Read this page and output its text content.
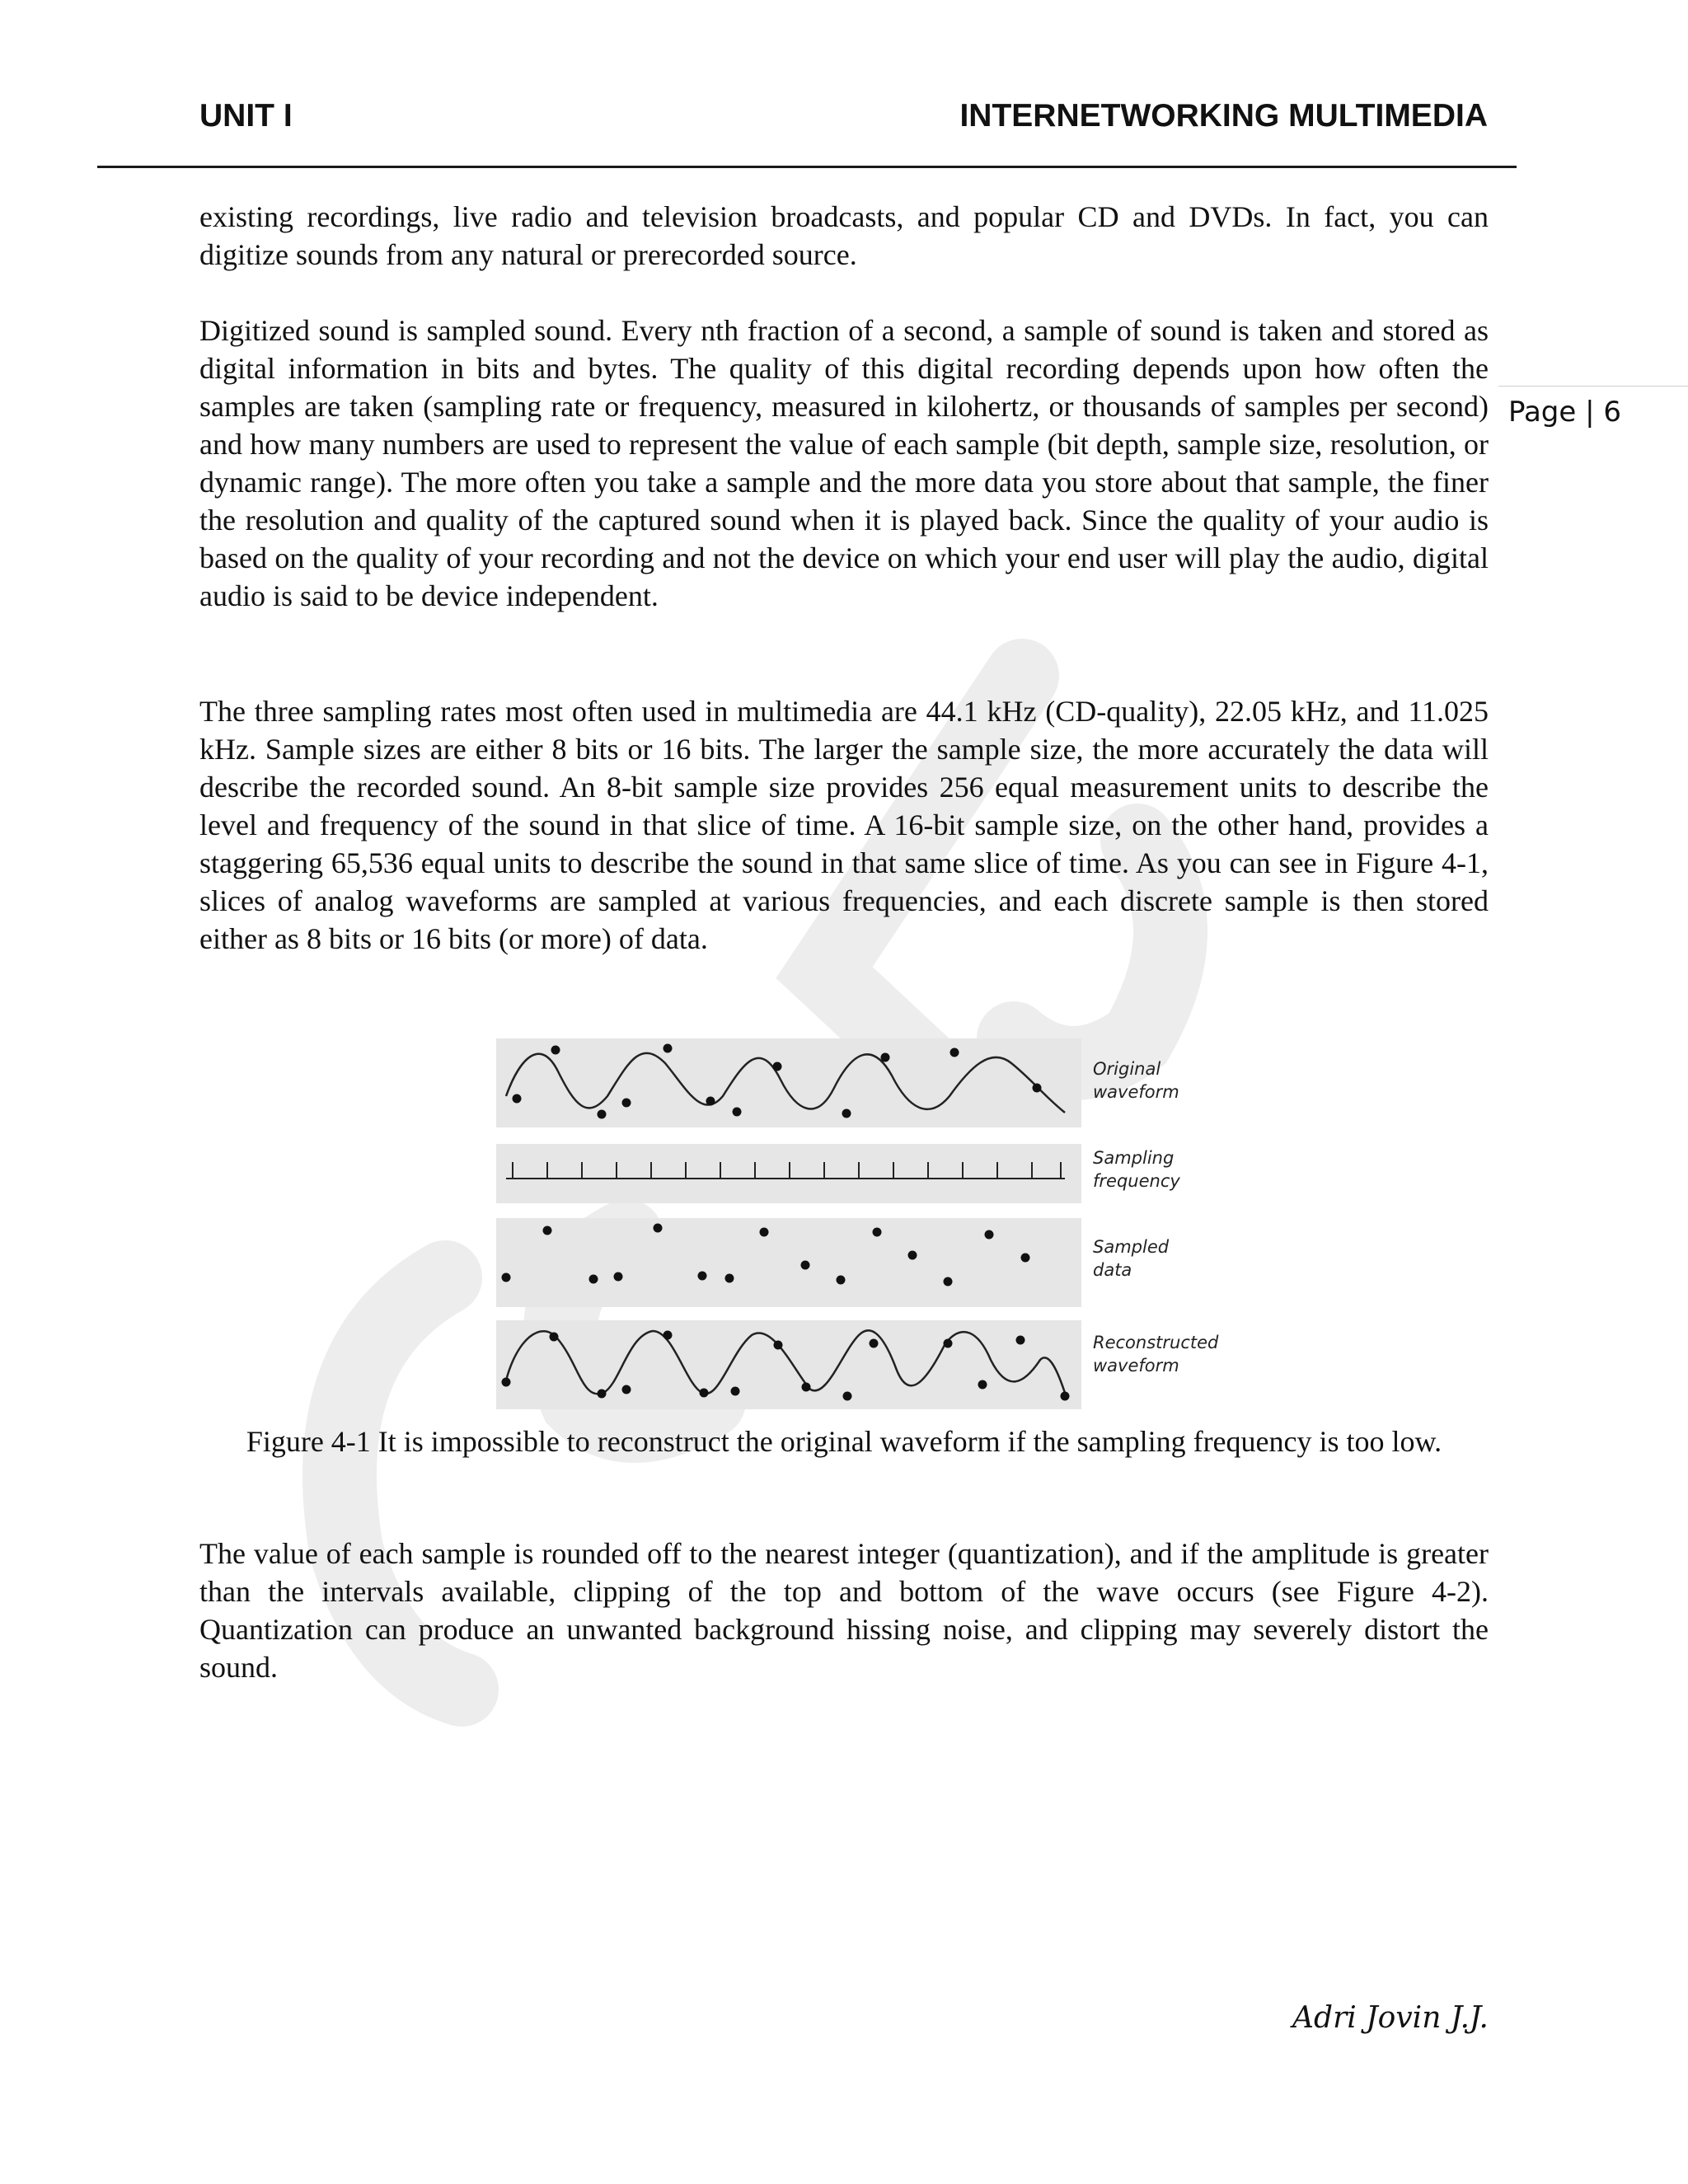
UNIT I	INTERNETWORKING MULTIMEDIA
Page | 6

existing recordings, live radio and television broadcasts, and popular CD and DVDs. In fact, you can digitize sounds from any natural or prerecorded source.

Digitized sound is sampled sound. Every nth fraction of a second, a sample of sound is taken and stored as digital information in bits and bytes. The quality of this digital recording depends upon how often the samples are taken (sampling rate or frequency, measured in kilohertz, or thousands of samples per second) and how many numbers are used to represent the value of each sample (bit depth, sample size, resolution, or dynamic range). The more often you take a sample and the more data you store about that sample, the finer the resolution and quality of the captured sound when it is played back. Since the quality of your audio is based on the quality of your recording and not the device on which your end user will play the audio, digital audio is said to be device independent.

The three sampling rates most often used in multimedia are 44.1 kHz (CD-quality), 22.05 kHz, and 11.025 kHz. Sample sizes are either 8 bits or 16 bits. The larger the sample size, the more accurately the data will describe the recorded sound. An 8-bit sample size provides 256 equal measurement units to describe the level and frequency of the sound in that slice of time. A 16-bit sample size, on the other hand, provides a staggering 65,536 equal units to describe the sound in that same slice of time. As you can see in Figure 4-1, slices of analog waveforms are sampled at various frequencies, and each discrete sample is then stored either as 8 bits or 16 bits (or more) of data.

Original
waveform
Sampling
frequency
Sampled
data
Reconstructed
waveform

Figure 4-1 It is impossible to reconstruct the original waveform if the sampling frequency is too low.

The value of each sample is rounded off to the nearest integer (quantization), and if the amplitude is greater than the intervals available, clipping of the top and bottom of the wave occurs (see Figure 4-2). Quantization can produce an unwanted background hissing noise, and clipping may severely distort the sound.

Adri Jovin J.J.
